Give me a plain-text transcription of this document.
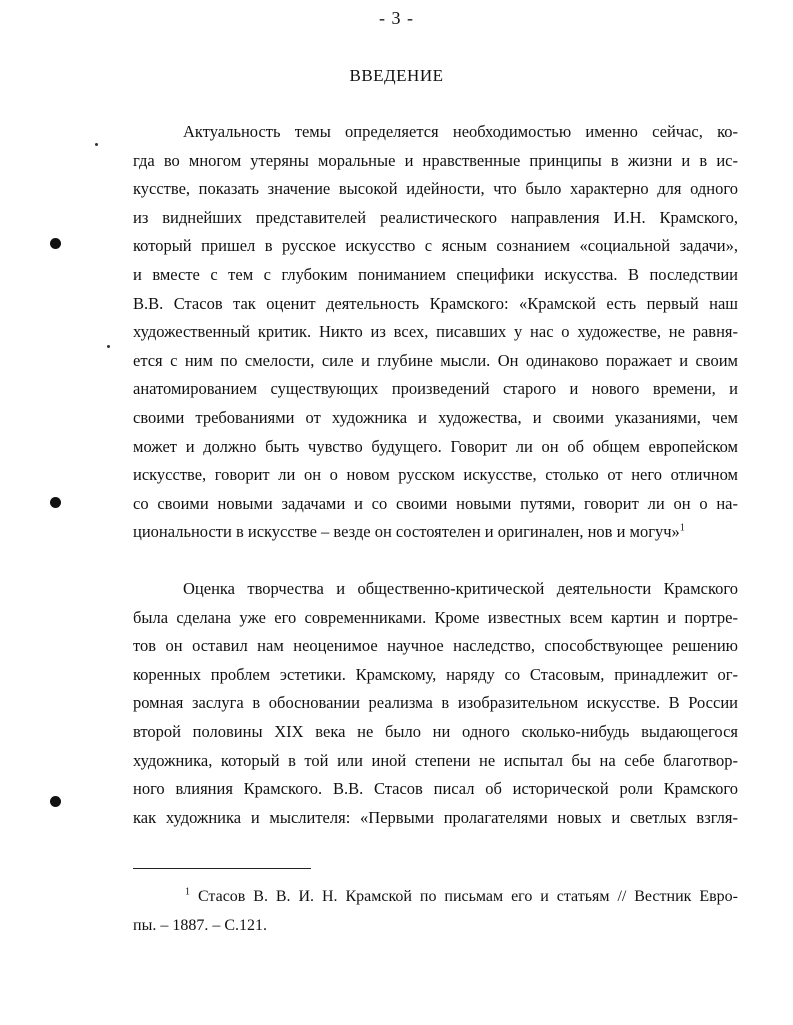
- 3 -
ВВЕДЕНИЕ
Актуальность темы определяется необходимостью именно сейчас, ко-
гда во многом утеряны моральные и нравственные принципы в жизни и в ис-
кусстве, показать значение высокой идейности, что было характерно для одного
из виднейших представителей реалистического направления И.Н. Крамского,
который пришел в русское искусство с ясным сознанием «социальной задачи»,
и вместе с тем с глубоким пониманием специфики искусства. В последствии
В.В. Стасов так оценит деятельность Крамского: «Крамской есть первый наш
художественный критик. Никто из всех, писавших у нас о художестве, не равня-
ется с ним по смелости, силе и глубине мысли. Он одинаково поражает и своим
анатомированием существующих произведений старого и нового времени, и
своими требованиями от художника и художества, и своими указаниями, чем
может и должно быть чувство будущего. Говорит ли он об общем европейском
искусстве, говорит ли он о новом русском искусстве, столько от него отличном
со своими новыми задачами и со своими новыми путями, говорит ли он о на-
циональности в искусстве – везде он состоятелен и оригинален, нов и могуч»$^1$
Оценка творчества и общественно-критической деятельности Крамского
была сделана уже его современниками. Кроме известных всем картин и портре-
тов он оставил нам неоценимое научное наследство, способствующее решению
коренных проблем эстетики. Крамскому, наряду со Стасовым, принадлежит ог-
ромная заслуга в обосновании реализма в изобразительном искусстве. В России
второй половины XIX века не было ни одного сколько-нибудь выдающегося
художника, который в той или иной степени не испытал бы на себе благотвор-
ного влияния Крамского. В.В. Стасов писал об исторической роли Крамского
как художника и мыслителя: «Первыми пролагателями новых и светлых взгля-
$^1$ Стасов В. В. И. Н. Крамской по письмам его и статьям // Вестник Евро-
пы. – 1887. – С.121.
